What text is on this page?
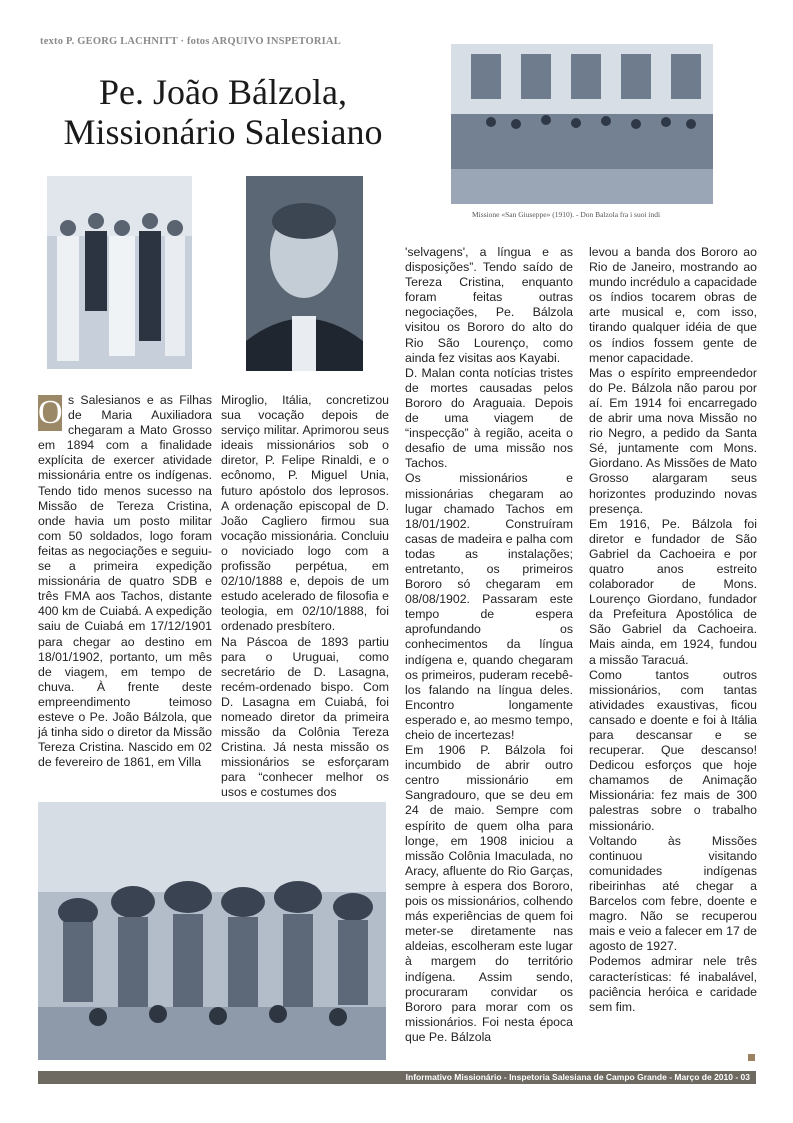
texto P. GEORG LACHNITT · fotos ARQUIVO INSPETORIAL
Pe. João Bálzola,
Missionário Salesiano
Missione «San Giuseppe» (1910). - Don Balzola fra i suoi indi

O s Salesianos e as Filhas de Maria Auxiliadora chegaram a Mato Grosso em 1894 com a finalidade explícita de exercer atividade missionária entre os indígenas. Tendo tido menos sucesso na Missão de Tereza Cristina, onde havia um posto militar com 50 soldados, logo foram feitas as negociações e seguiu-se a primeira expedição missionária de quatro SDB e três FMA aos Tachos, distante 400 km de Cuiabá. A expedição saiu de Cuiabá em 17/12/1901 para chegar ao destino em 18/01/1902, portanto, um mês de viagem, em tempo de chuva. À frente deste empreendimento teimoso esteve o Pe. João Bálzola, que já tinha sido o diretor da Missão Tereza Cristina. Nascido em 02 de fevereiro de 1861, em Villa

Miroglio, Itália, concretizou sua vocação depois de serviço militar. Aprimorou seus ideais missionários sob o diretor, P. Felipe Rinaldi, e o ecônomo, P. Miguel Unia, futuro apóstolo dos leprosos. A ordenação episcopal de D. João Cagliero firmou sua vocação missionária. Concluiu o noviciado logo com a profissão perpétua, em 02/10/1888 e, depois de um estudo acelerado de filosofia e teologia, em 02/10/1888, foi ordenado presbítero.

Na Páscoa de 1893 partiu para o Uruguai, como secretário de D. Lasagna, recém-ordenado bispo. Com D. Lasagna em Cuiabá, foi nomeado diretor da primeira missão da Colônia Tereza Cristina. Já nesta missão os missionários se esforçaram para “conhecer melhor os usos e costumes dos

'selvagens', a língua e as disposições”. Tendo saído de Tereza Cristina, enquanto foram feitas outras negociações, Pe. Bálzola visitou os Bororo do alto do Rio São Lourenço, como ainda fez visitas aos Kayabi.

D. Malan conta notícias tristes de mortes causadas pelos Bororo do Araguaia. Depois de uma viagem de “inspecção” à região, aceita o desafio de uma missão nos Tachos.

Os missionários e missionárias chegaram ao lugar chamado Tachos em 18/01/1902. Construíram casas de madeira e palha com todas as instalações; entretanto, os primeiros Bororo só chegaram em 08/08/1902. Passaram este tempo de espera aprofundando os conhecimentos da língua indígena e, quando chegaram os primeiros, puderam recebê-los falando na língua deles. Encontro longamente esperado e, ao mesmo tempo, cheio de incertezas!

Em 1906 P. Bálzola foi incumbido de abrir outro centro missionário em Sangradouro, que se deu em 24 de maio. Sempre com espírito de quem olha para longe, em 1908 iniciou a missão Colônia Imaculada, no Aracy, afluente do Rio Garças, sempre à espera dos Bororo, pois os missionários, colhendo más experiências de quem foi meter-se diretamente nas aldeias, escolheram este lugar à margem do território indígena. Assim sendo, procuraram convidar os Bororo para morar com os missionários. Foi nesta época que Pe. Bálzola

levou a banda dos Bororo ao Rio de Janeiro, mostrando ao mundo incrédulo a capacidade os índios tocarem obras de arte musical e, com isso, tirando qualquer idéia de que os índios fossem gente de menor capacidade.

Mas o espírito empreendedor do Pe. Bálzola não parou por aí. Em 1914 foi encarregado de abrir uma nova Missão no rio Negro, a pedido da Santa Sé, juntamente com Mons. Giordano. As Missões de Mato Grosso alargaram seus horizontes produzindo novas presença.

Em 1916, Pe. Bálzola foi diretor e fundador de São Gabriel da Cachoeira e por quatro anos estreito colaborador de Mons. Lourenço Giordano, fundador da Prefeitura Apostólica de São Gabriel da Cachoeira. Mais ainda, em 1924, fundou a missão Taracuá.

Como tantos outros missionários, com tantas atividades exaustivas, ficou cansado e doente e foi à Itália para descansar e se recuperar. Que descanso! Dedicou esforços que hoje chamamos de Animação Missionária: fez mais de 300 palestras sobre o trabalho missionário.

Voltando às Missões continuou visitando comunidades indígenas ribeirinhas até chegar a Barcelos com febre, doente e magro. Não se recuperou mais e veio a falecer em 17 de agosto de 1927.

Podemos admirar nele três características: fé inabalável, paciência heróica e caridade sem fim.

Informativo Missionário - Inspetoria Salesiana de Campo Grande - Março de 2010 - 03
